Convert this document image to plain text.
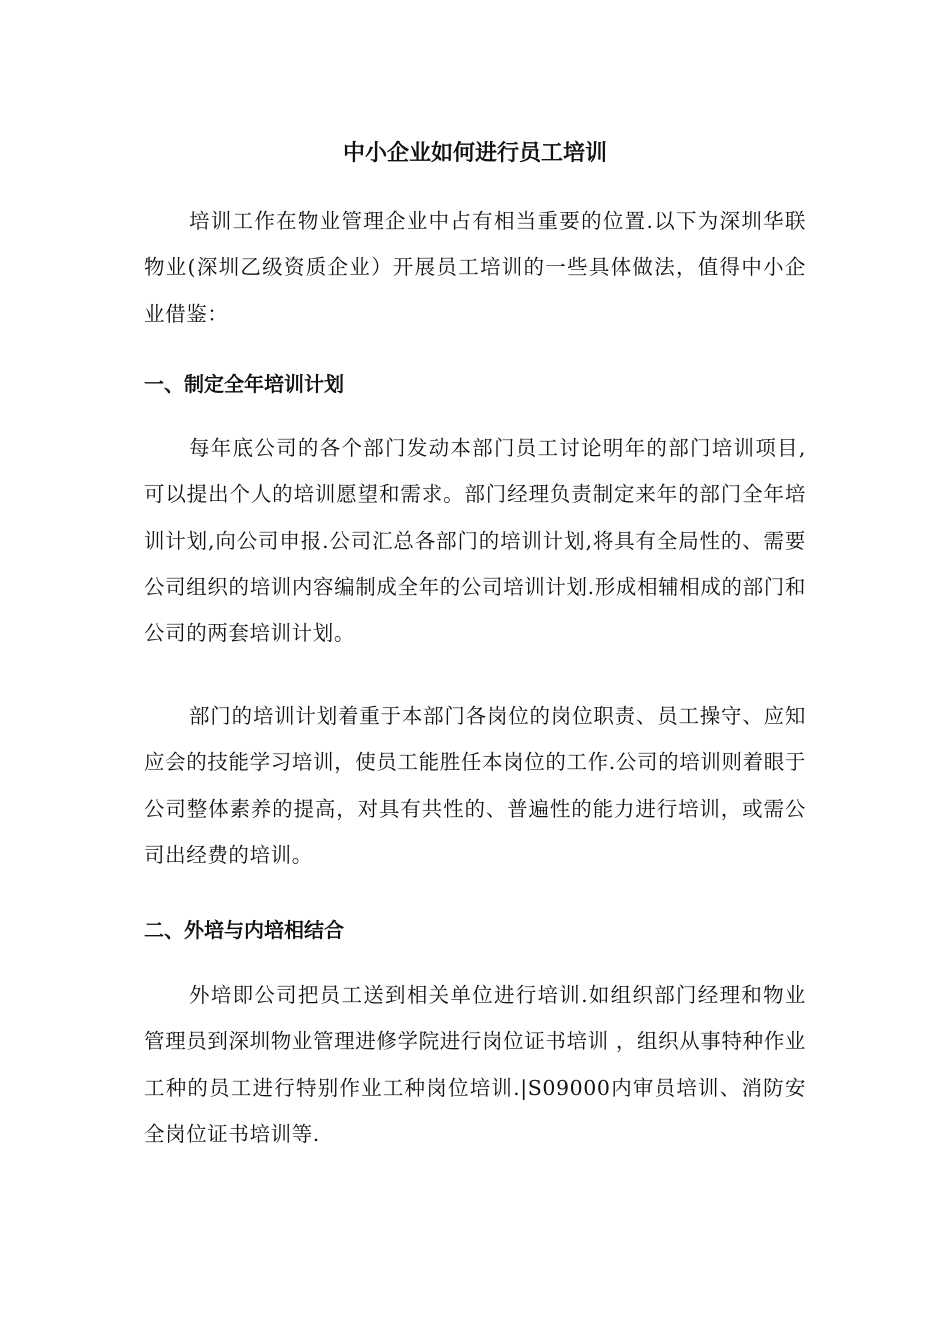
中小企业如何进行员工培训

培训工作在物业管理企业中占有相当重要的位置.以下为深圳华联物业(深圳乙级资质企业）开展员工培训的一些具体做法，值得中小企业借鉴：

一、制定全年培训计划

每年底公司的各个部门发动本部门员工讨论明年的部门培训项目,可以提出个人的培训愿望和需求。部门经理负责制定来年的部门全年培训计划,向公司申报.公司汇总各部门的培训计划,将具有全局性的、需要公司组织的培训内容编制成全年的公司培训计划.形成相辅相成的部门和公司的两套培训计划。

部门的培训计划着重于本部门各岗位的岗位职责、员工操守、应知应会的技能学习培训，使员工能胜任本岗位的工作.公司的培训则着眼于公司整体素养的提高，对具有共性的、普遍性的能力进行培训，或需公司出经费的培训。

二、外培与内培相结合

外培即公司把员工送到相关单位进行培训.如组织部门经理和物业管理员到深圳物业管理进修学院进行岗位证书培训 ，组织从事特种作业工种的员工进行特别作业工种岗位培训.|S09000内审员培训、消防安全岗位证书培训等.
